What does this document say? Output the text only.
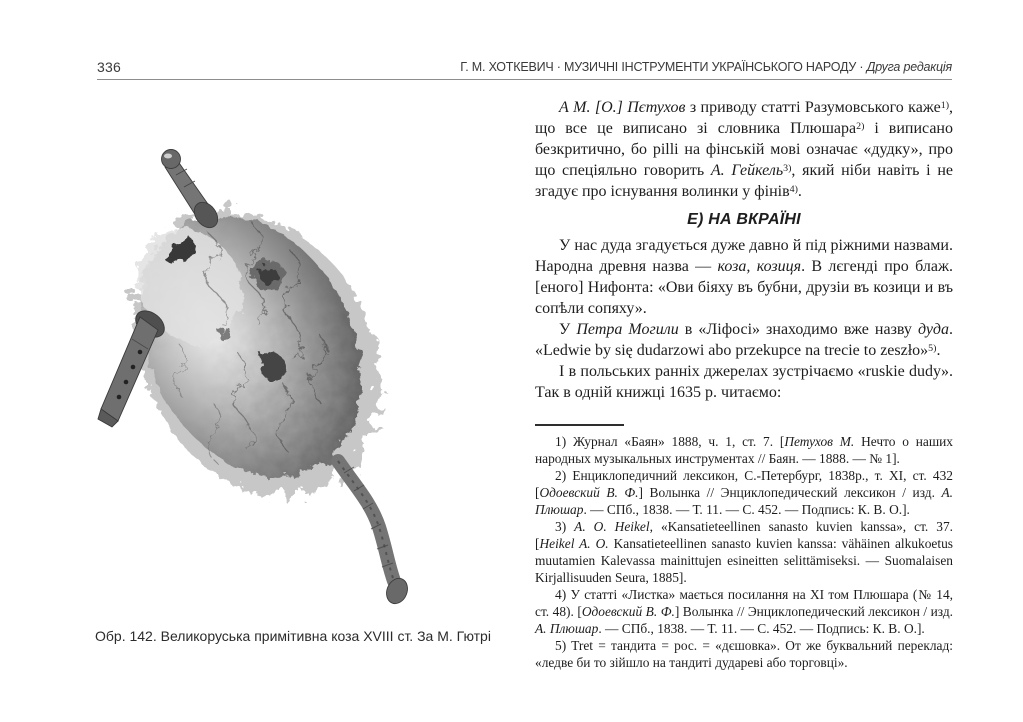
336	Г. М. ХОТКЕВИЧ · МУЗИЧНІ ІНСТРУМЕНТИ УКРАЇНСЬКОГО НАРОДУ · Друга редакція
Обр. 142. Великоруська примітивна коза XVIII ст. За М. Гютрі

А М. [О.] Пєтухов з приводу статті Разумовського каже$^{1)}$, що все це виписано зі словника Плюшара$^{2)}$ і виписано безкритично, бо pilli на фінській мові означає «дудку», про що спеціяльно говорить А. Гейкель$^{3)}$, який ніби навіть і не згадує про існування волинки у фінів$^{4)}$.

Е) НА ВКРАЇНІ

У нас дуда згадується дуже давно й під ріжними назвами. Народна древня назва — коза, козиця. В лєгенді про блаж.[еного] Нифонта: «Ови біяху въ бубни, друзіи въ козици и въ сопѣли сопяху».

У Петра Могили в «Ліфосі» знаходимо вже назву дуда. «Ledwie by się dudarzowi abo przekupce na trecie to zeszło»$^{5)}$.

І в польських ранніх джерелах зустрічаємо «ruskie dudy». Так в одній книжці 1635 р. читаємо:

1) Журнал «Баян» 1888, ч. 1, ст. 7. [Петухов М. Нечто о наших народных музыкальных инструментах // Баян. — 1888. — № 1].

2) Енциклопедичний лексикон, С.-Петербург, 1838р., т. XI, ст. 432 [Одоевский В. Ф.] Волынка // Энциклопедический лексикон / изд. А. Плюшар. — СПб., 1838. — Т. 11. — С. 452. — Подпись: К. В. О.].

3) A. O. Heikel, «Kansatieteellinen sanasto kuvien kanssa», ст. 37. [Heikel A. O. Kansatieteellinen sanasto kuvien kanssa: vähäinen alkukoetus muutamien Kalevassa mainittujen esineitten selittämiseksi. — Suomalaisen Kirjallisuuden Seura, 1885].

4) У статті «Листка» мається посилання на XI том Плюшара (№ 14, ст. 48). [Одоевский В. Ф.] Волынка // Энциклопедический лексикон / изд. А. Плюшар. — СПб., 1838. — Т. 11. — С. 452. — Подпись: К. В. О.].

5) Tret = тандита = рос. = «дєшовка». От же буквальний переклад: «ледве би то зійшло на тандиті дудареві або торговці».
